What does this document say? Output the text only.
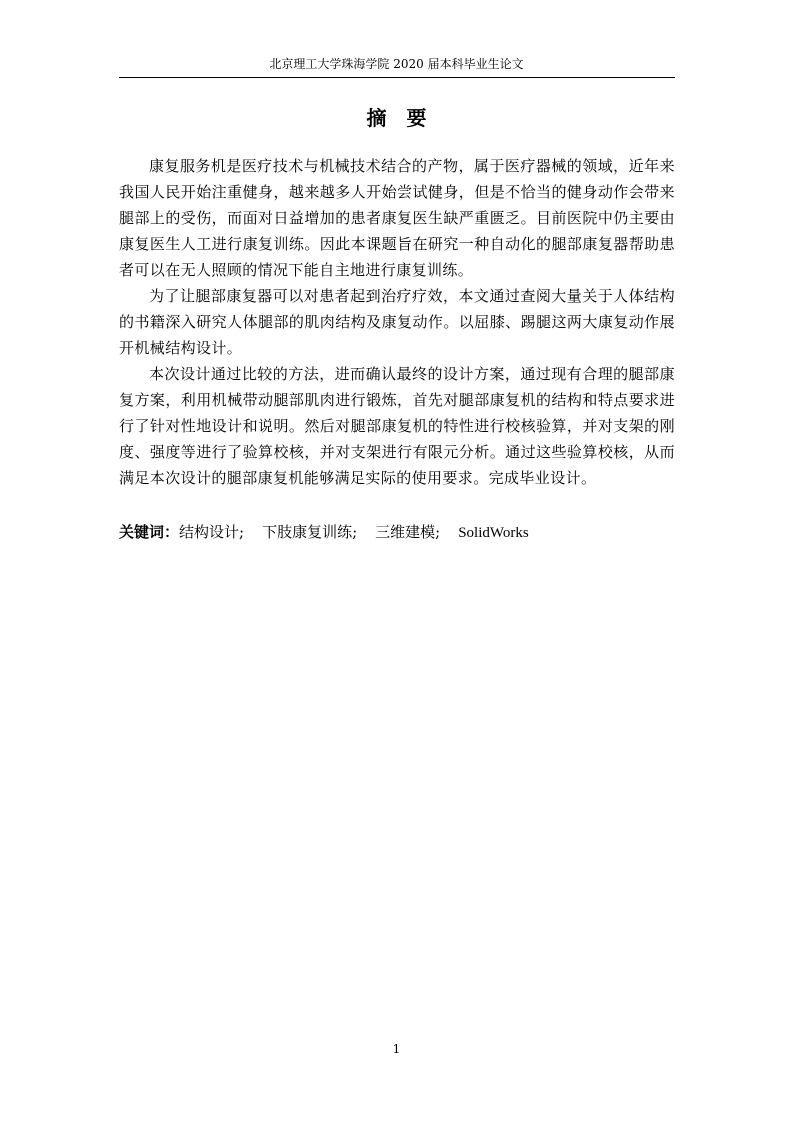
北京理工大学珠海学院 2020 届本科毕业生论文
摘要

康复服务机是医疗技术与机械技术结合的产物，属于医疗器械的领域，近年来我国人民开始注重健身，越来越多人开始尝试健身，但是不恰当的健身动作会带来腿部上的受伤，而面对日益增加的患者康复医生缺严重匮乏。目前医院中仍主要由康复医生人工进行康复训练。因此本课题旨在研究一种自动化的腿部康复器帮助患者可以在无人照顾的情况下能自主地进行康复训练。

为了让腿部康复器可以对患者起到治疗疗效，本文通过查阅大量关于人体结构的书籍深入研究人体腿部的肌肉结构及康复动作。以屈膝、踢腿这两大康复动作展开机械结构设计。

本次设计通过比较的方法，进而确认最终的设计方案，通过现有合理的腿部康复方案，利用机械带动腿部肌肉进行锻炼，首先对腿部康复机的结构和特点要求进行了针对性地设计和说明。然后对腿部康复机的特性进行校核验算，并对支架的刚度、强度等进行了验算校核，并对支架进行有限元分析。通过这些验算校核，从而满足本次设计的腿部康复机能够满足实际的使用要求。完成毕业设计。

关键词：结构设计; 下肢康复训练; 三维建模; SolidWorks
1
